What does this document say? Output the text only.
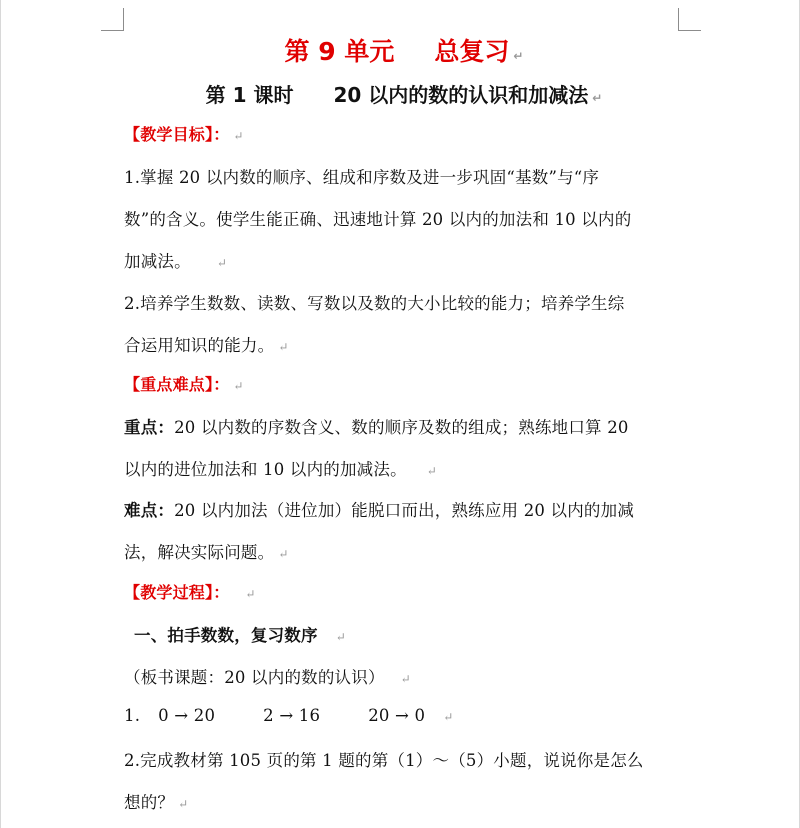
第 9 单元 总复习 ↵
第 1 课时 20 以内的数的认识和加减法 ↵
【教学目标】： ↵
1.掌握 20 以内数的顺序、组成和序数及进一步巩固“基数”与“序
数”的含义。使学生能正确、迅速地计算 20 以内的加法和 10 以内的
加减法。 ↵
2.培养学生数数、读数、写数以及数的大小比较的能力；培养学生综
合运用知识的能力。 ↵
【重点难点】： ↵
重点：20 以内数的序数含义、数的顺序及数的组成；熟练地口算 20
以内的进位加法和 10 以内的加减法。 ↵
难点：20 以内加法（进位加）能脱口而出，熟练应用 20 以内的加减
法，解决实际问题。 ↵
【教学过程】： ↵
一、拍手数数，复习数序 ↵
（板书课题：20 以内的数的认识） ↵
1. 0 → 20	2 → 16	20 → 0 ↵
2.完成教材第 105 页的第 1 题的第（1）～（5）小题，说说你是怎么
想的？ ↵
